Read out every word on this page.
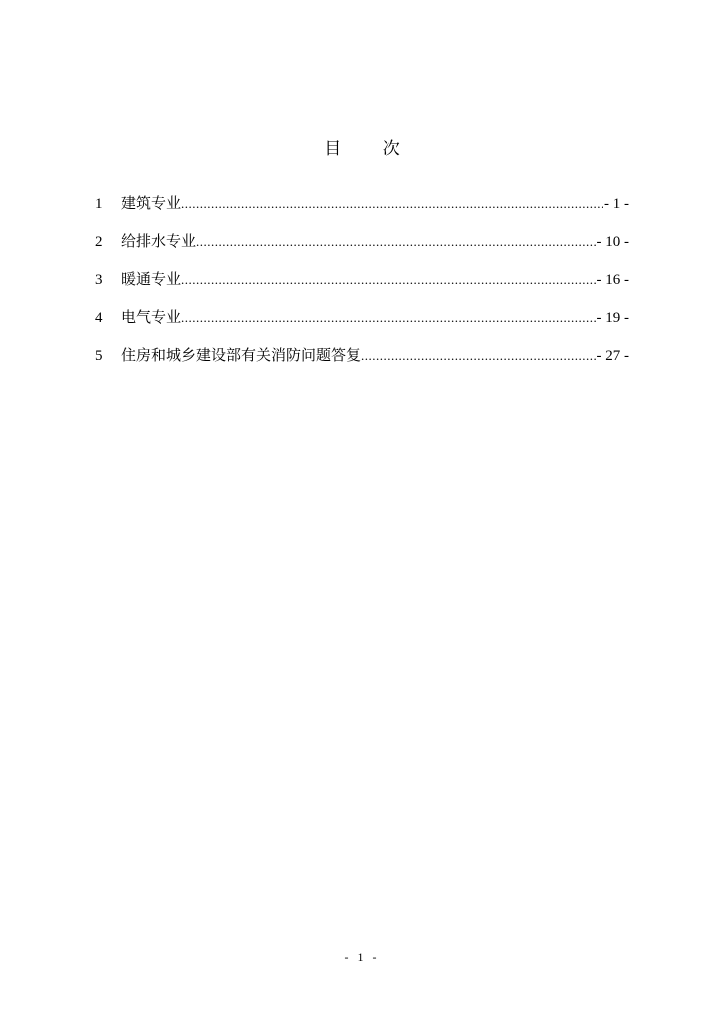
目 次
1	建筑专业 .....	- 1 -
2	给排水专业 .....	- 10 -
3	暖通专业 .....	- 16 -
4	电气专业 .....	- 19 -
5	住房和城乡建设部有关消防问题答复 .....	- 27 -
- 1 -
